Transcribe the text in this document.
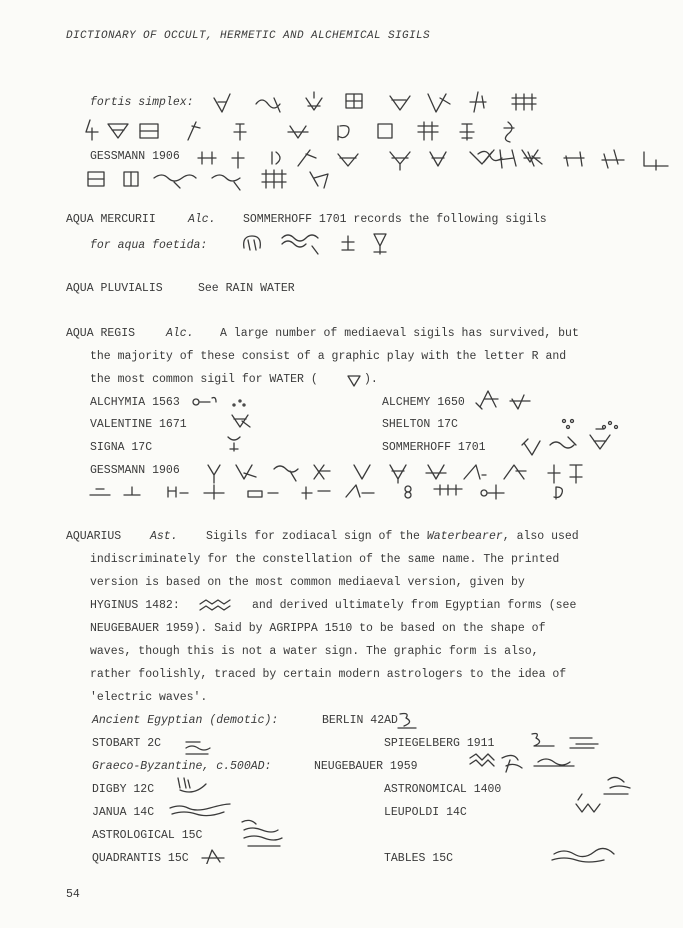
DICTIONARY OF OCCULT, HERMETIC AND ALCHEMICAL SIGILS
fortis simplex:
GESSMANN 1906
AQUA MERCURII	Alc. SOMMERHOFF 1701 records the following sigils
for aqua foetida:
AQUA PLUVIALIS	See RAIN WATER
AQUA REGIS	Alc. A large number of mediaeval sigils has survived, but
the majority of these consist of a graphic play with the letter R and
the most common sigil for WATER (	).
ALCHYMIA 1563	ALCHEMY 1650
VALENTINE 1671	SHELTON 17C
SIGNA 17C	SOMMERHOFF 1701
GESSMANN 1906
AQUARIUS	Ast. Sigils for zodiacal sign of the Waterbearer, also used
indiscriminately for the constellation of the same name. The printed
version is based on the most common mediaeval version, given by
HYGINUS 1482:	and derived ultimately from Egyptian forms (see
NEUGEBAUER 1959). Said by AGRIPPA 1510 to be based on the shape of
waves, though this is not a water sign. The graphic form is also,
rather foolishly, traced by certain modern astrologers to the idea of
'electric waves'.
Ancient Egyptian (demotic):	BERLIN 42AD
STOBART 2C	SPIEGELBERG 1911
Graeco-Byzantine, c.500AD:	NEUGEBAUER 1959
DIGBY 12C	ASTRONOMICAL 1400
JANUA 14C	LEUPOLDI 14C
ASTROLOGICAL 15C
QUADRANTIS 15C	TABLES 15C
54
